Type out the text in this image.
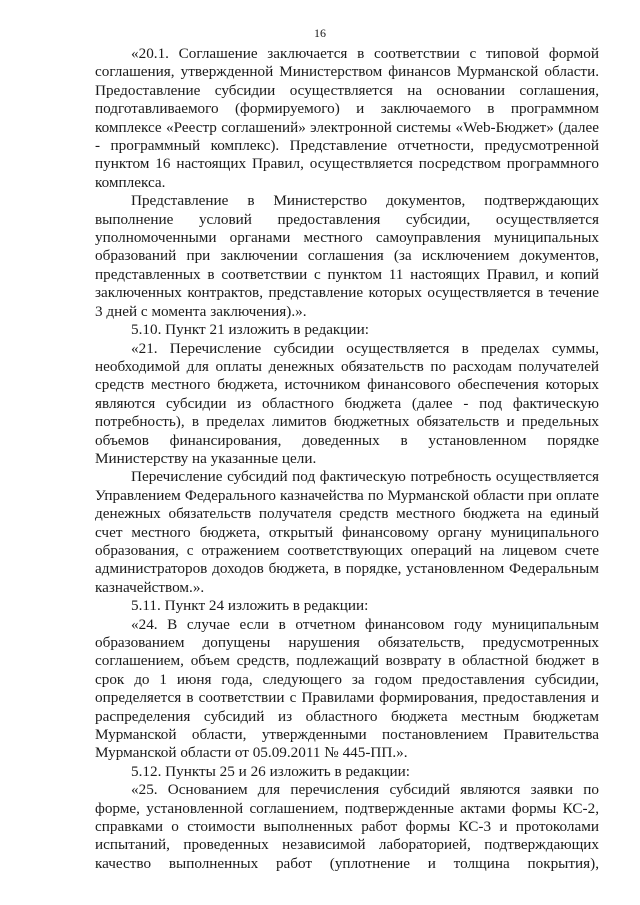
16

«20.1. Соглашение заключается в соответствии с типовой формой соглашения, утвержденной Министерством финансов Мурманской области. Предоставление субсидии осуществляется на основании соглашения, подготавливаемого (формируемого) и заключаемого в программном комплексе «Реестр соглашений» электронной системы «Web-Бюджет» (далее - программный комплекс). Представление отчетности, предусмотренной пунктом 16 настоящих Правил, осуществляется посредством программного комплекса.

Представление в Министерство документов, подтверждающих выполнение условий предоставления субсидии, осуществляется уполномоченными органами местного самоуправления муниципальных образований при заключении соглашения (за исключением документов, представленных в соответствии с пунктом 11 настоящих Правил, и копий заключенных контрактов, представление которых осуществляется в течение 3 дней с момента заключения).».

5.10. Пункт 21 изложить в редакции:

«21. Перечисление субсидии осуществляется в пределах суммы, необходимой для оплаты денежных обязательств по расходам получателей средств местного бюджета, источником финансового обеспечения которых являются субсидии из областного бюджета (далее - под фактическую потребность), в пределах лимитов бюджетных обязательств и предельных объемов финансирования, доведенных в установленном порядке Министерству на указанные цели.

Перечисление субсидий под фактическую потребность осуществляется Управлением Федерального казначейства по Мурманской области при оплате денежных обязательств получателя средств местного бюджета на единый счет местного бюджета, открытый финансовому органу муниципального образования, с отражением соответствующих операций на лицевом счете администраторов доходов бюджета, в порядке, установленном Федеральным казначейством.».

5.11. Пункт 24 изложить в редакции:

«24. В случае если в отчетном финансовом году муниципальным образованием допущены нарушения обязательств, предусмотренных соглашением, объем средств, подлежащий возврату в областной бюджет в срок до 1 июня года, следующего за годом предоставления субсидии, определяется в соответствии с Правилами формирования, предоставления и распределения субсидий из областного бюджета местным бюджетам Мурманской области, утвержденными постановлением Правительства Мурманской области от 05.09.2011 № 445-ПП.».

5.12. Пункты 25 и 26 изложить в редакции:

«25. Основанием для перечисления субсидий являются заявки по форме, установленной соглашением, подтвержденные актами формы КС-2, справками о стоимости выполненных работ формы КС-3 и протоколами испытаний, проведенных независимой лабораторией, подтверждающих качество выполненных работ (уплотнение и толщина покрытия),
